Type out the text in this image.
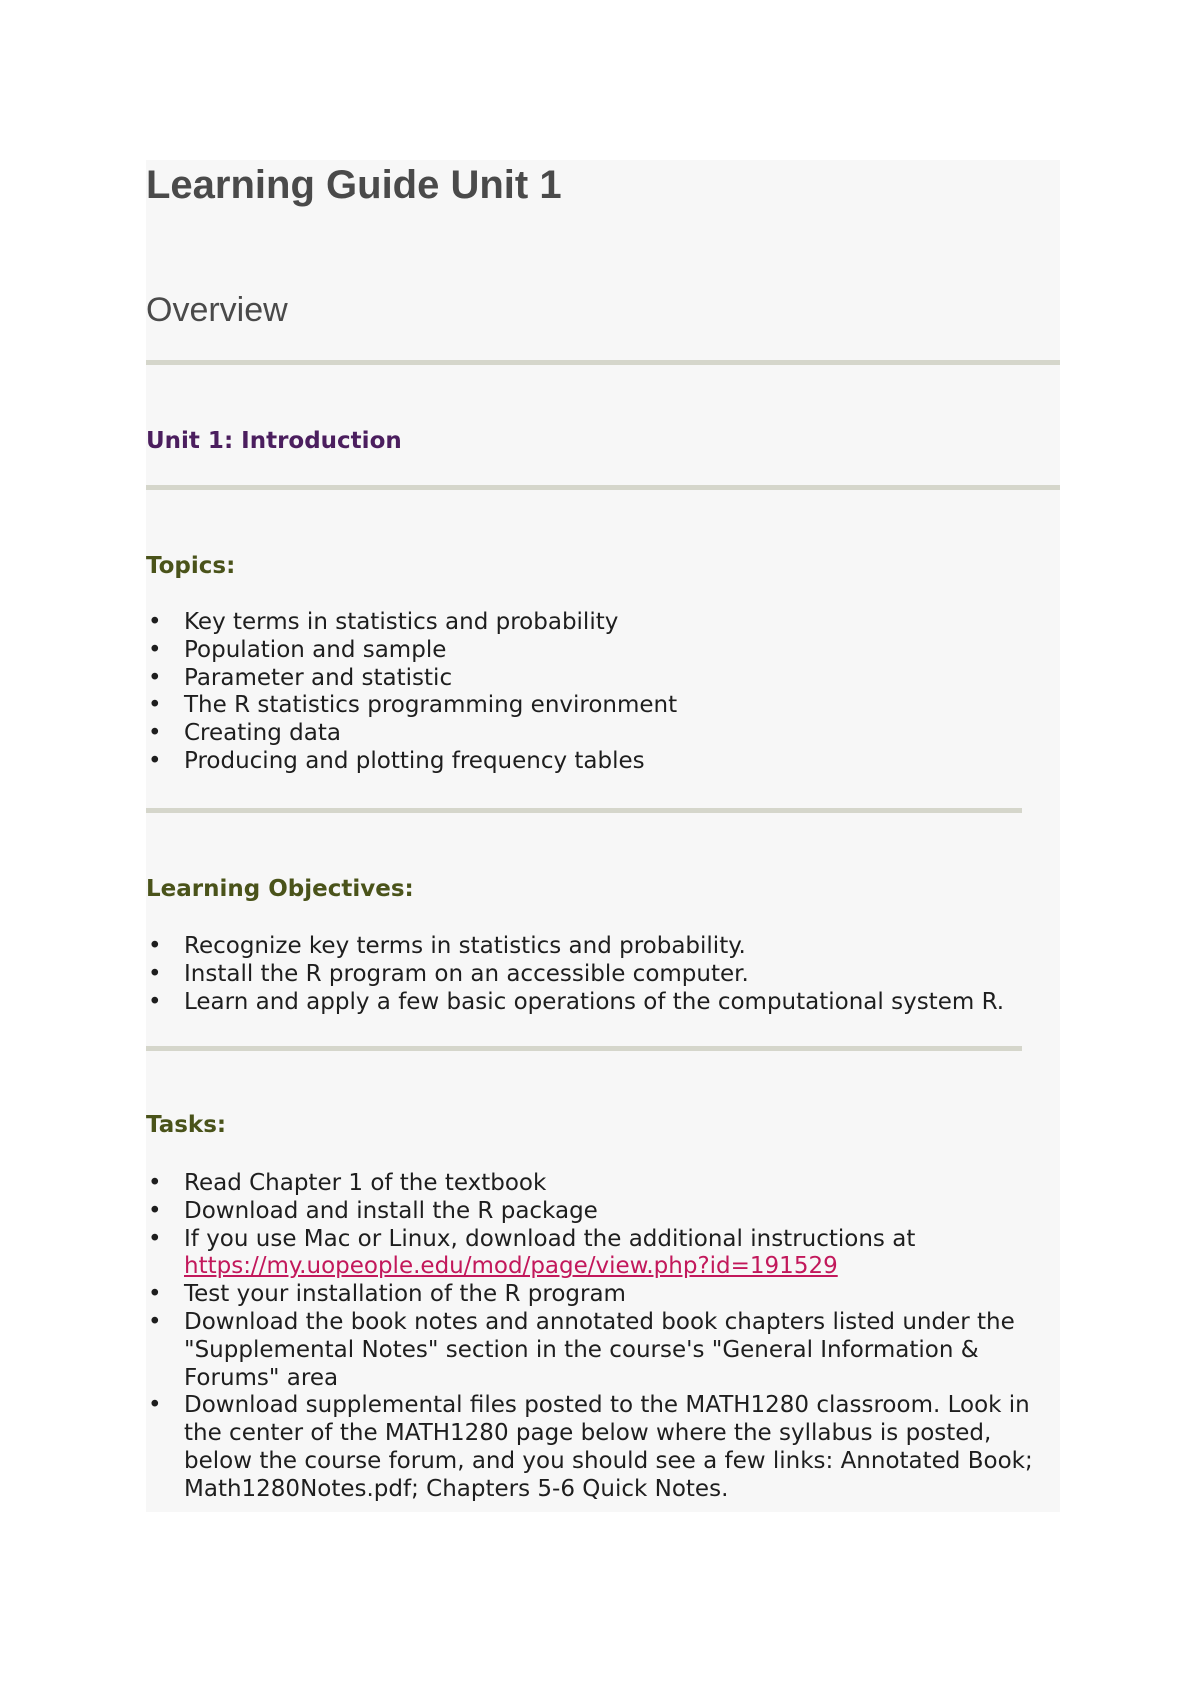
Learning Guide Unit 1
Overview
Unit 1: Introduction
Topics:
• Key terms in statistics and probability
• Population and sample
• Parameter and statistic
• The R statistics programming environment
• Creating data
• Producing and plotting frequency tables
Learning Objectives:
• Recognize key terms in statistics and probability.
• Install the R program on an accessible computer.
• Learn and apply a few basic operations of the computational system R.
Tasks:
• Read Chapter 1 of the textbook
• Download and install the R package
• If you use Mac or Linux, download the additional instructions at https://my.uopeople.edu/mod/page/view.php?id=191529
• Test your installation of the R program
• Download the book notes and annotated book chapters listed under the "Supplemental Notes" section in the course's "General Information & Forums" area
• Download supplemental files posted to the MATH1280 classroom. Look in the center of the MATH1280 page below where the syllabus is posted, below the course forum, and you should see a few links: Annotated Book; Math1280Notes.pdf; Chapters 5-6 Quick Notes.
